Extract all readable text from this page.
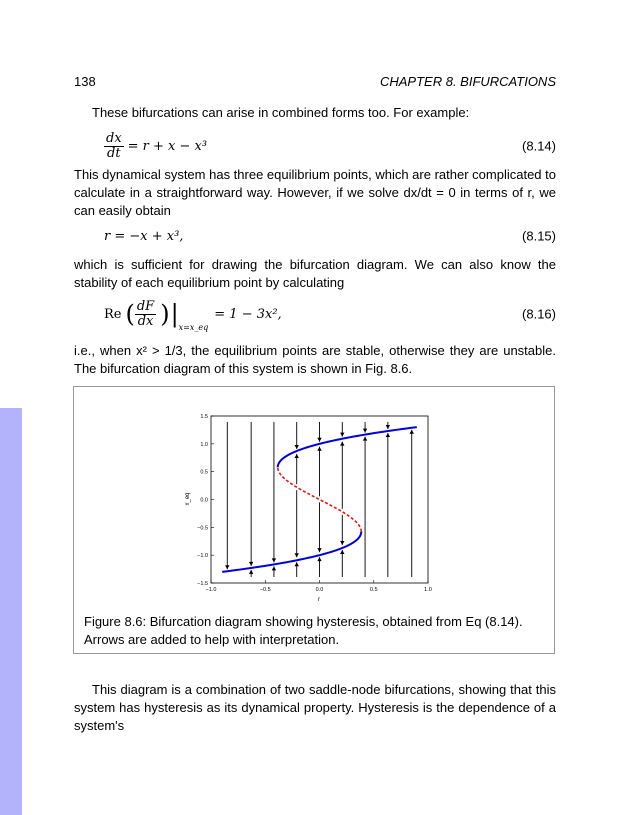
138	CHAPTER 8. BIFURCATIONS
These bifurcations can arise in combined forms too. For example:
$\frac{dx}{dt} = r + x - x^3$	(8.14)
This dynamical system has three equilibrium points, which are rather complicated to calculate in a straightforward way. However, if we solve dx/dt = 0 in terms of r, we can easily obtain
r = −x + x³,	(8.15)
which is sufficient for drawing the bifurcation diagram. We can also know the stability of each equilibrium point by calculating
Re ( $\frac{dF}{dx}$ ) | x=x_eq
= 1 − 3x²,	(8.16)
i.e., when x² > 1/3, the equilibrium points are stable, otherwise they are unstable. The bifurcation diagram of this system is shown in Fig. 8.6.
−1.0	−0.5	0.0	0.5	1.0
1.5
1.0
0.5
0.0
−0.5
−1.0
−1.5
r
x_eq
Figure 8.6: Bifurcation diagram showing hysteresis, obtained from Eq (8.14). Arrows are added to help with interpretation.
This diagram is a combination of two saddle-node bifurcations, showing that this system has hysteresis as its dynamical property. Hysteresis is the dependence of a system's
